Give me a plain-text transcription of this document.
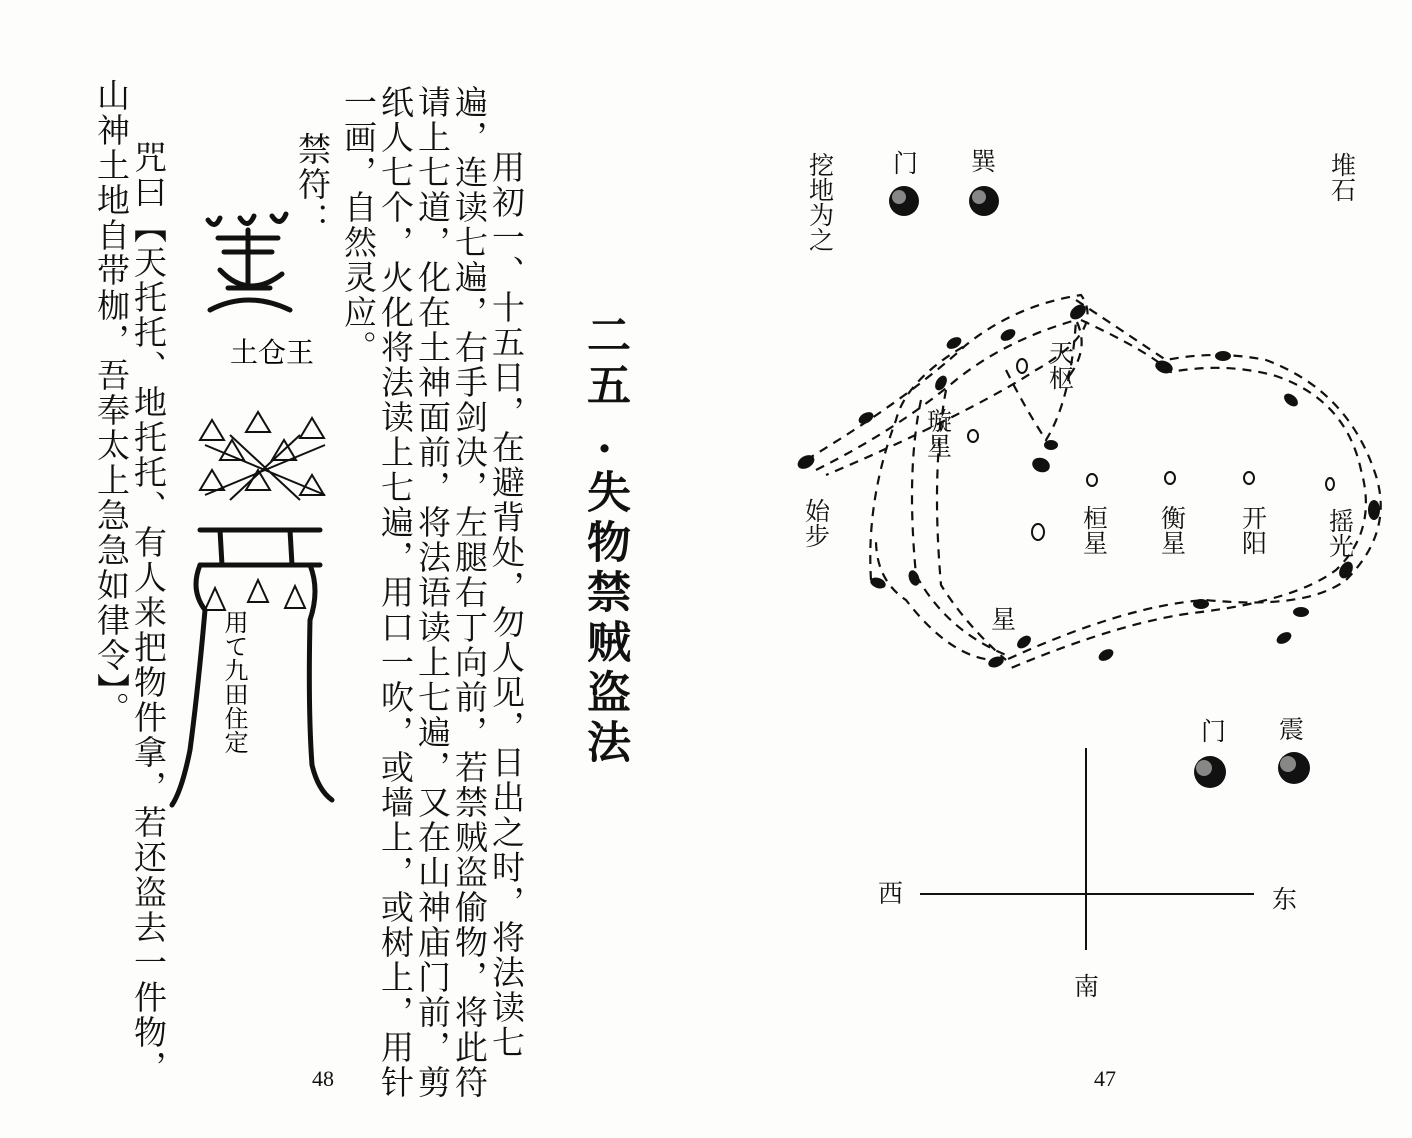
二五.失物禁贼盗法
用初一、十五日，在避背处，勿人见，日出之时，将法读七
遍，连读七遍，右手剑决，左腿右丁向前，若禁贼盗偷物，将此符
请上七道，化在土神面前，将法语读上七遍，又在山神庙门前，剪
纸人七个，火化将法读上七遍，用口一吹，或墙上，或树上，用针
一画，自然灵应。
禁符：
土仓王
用て九田住定
咒曰【天托托、地托托、有人来把物件拿，若还盗去一件物，
山神土地自带枷，吾奉太上急急如律令】。
48
挖地为之 门 巽	堆石
天枢
璇星
桓星 衡星 开阳 摇光
始步
星
门 震
西	东
南
47
